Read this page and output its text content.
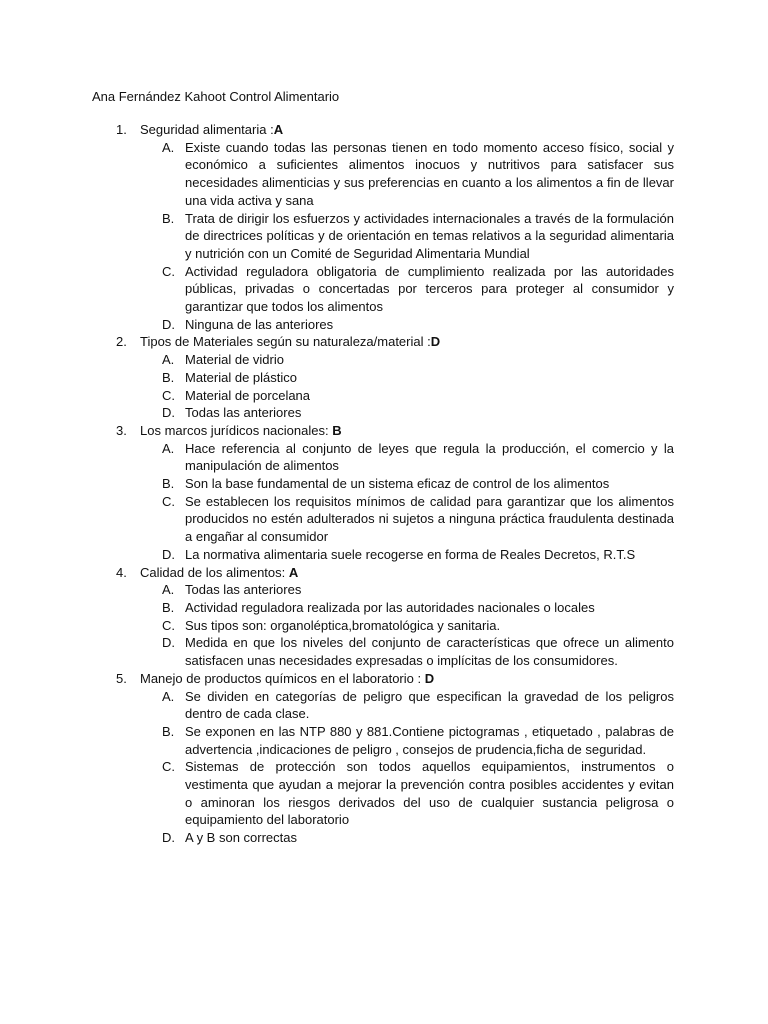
Ana Fernández Kahoot Control Alimentario
1. Seguridad alimentaria :A
A. Existe cuando todas las personas tienen en todo momento acceso físico, social y económico a suficientes alimentos inocuos y nutritivos para satisfacer sus necesidades alimenticias y sus preferencias en cuanto a los alimentos a fin de llevar una vida activa y sana
B. Trata de dirigir los esfuerzos y actividades internacionales a través de la formulación de directrices políticas y de orientación en temas relativos a la seguridad alimentaria y nutrición con un Comité de Seguridad Alimentaria Mundial
C. Actividad reguladora obligatoria de cumplimiento realizada por las autoridades públicas, privadas o concertadas por terceros para proteger al consumidor y garantizar que todos los alimentos
D. Ninguna de las anteriores
2. Tipos de Materiales según su naturaleza/material :D
A. Material de vidrio
B. Material de plástico
C. Material de porcelana
D. Todas las anteriores
3. Los marcos jurídicos nacionales: B
A. Hace referencia al conjunto de leyes que regula la producción, el comercio y la manipulación de alimentos
B. Son la base fundamental de un sistema eficaz de control de los alimentos
C. Se establecen los requisitos mínimos de calidad para garantizar que los alimentos producidos no estén adulterados ni sujetos a ninguna práctica fraudulenta destinada a engañar al consumidor
D. La normativa alimentaria suele recogerse en forma de Reales Decretos, R.T.S
4. Calidad de los alimentos: A
A. Todas las anteriores
B. Actividad reguladora realizada por las autoridades nacionales o locales
C. Sus tipos son: organoléptica,bromatológica y sanitaria.
D. Medida en que los niveles del conjunto de características que ofrece un alimento satisfacen unas necesidades expresadas o implícitas de los consumidores.
5. Manejo de productos químicos en el laboratorio : D
A. Se dividen en categorías de peligro que especifican la gravedad de los peligros dentro de cada clase.
B. Se exponen en las NTP 880 y 881.Contiene pictogramas , etiquetado , palabras de advertencia ,indicaciones de peligro , consejos de prudencia,ficha de seguridad.
C. Sistemas de protección son todos aquellos equipamientos, instrumentos o vestimenta que ayudan a mejorar la prevención contra posibles accidentes y evitan o aminoran los riesgos derivados del uso de cualquier sustancia peligrosa o equipamiento del laboratorio
D. A y B son correctas
